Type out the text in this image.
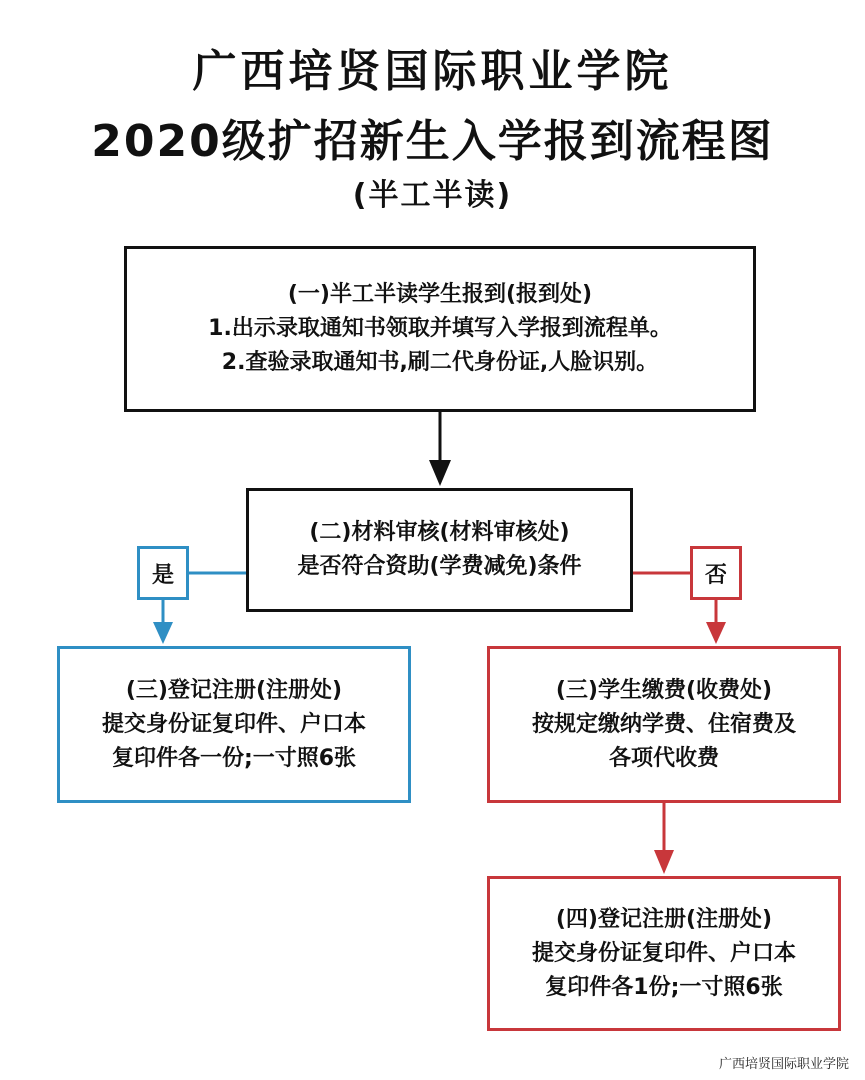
广西培贤国际职业学院
2020级扩招新生入学报到流程图
(半工半读)
(一)半工半读学生报到(报到处)
1.出示录取通知书领取并填写入学报到流程单。
2.查验录取通知书,刷二代身份证,人脸识别。
(二)材料审核(材料审核处)
是否符合资助(学费减免)条件
是	否
(三)登记注册(注册处)
提交身份证复印件、户口本
复印件各一份;一寸照6张
(三)学生缴费(收费处)
按规定缴纳学费、住宿费及
各项代收费
(四)登记注册(注册处)
提交身份证复印件、户口本
复印件各1份;一寸照6张
广西培贤国际职业学院
